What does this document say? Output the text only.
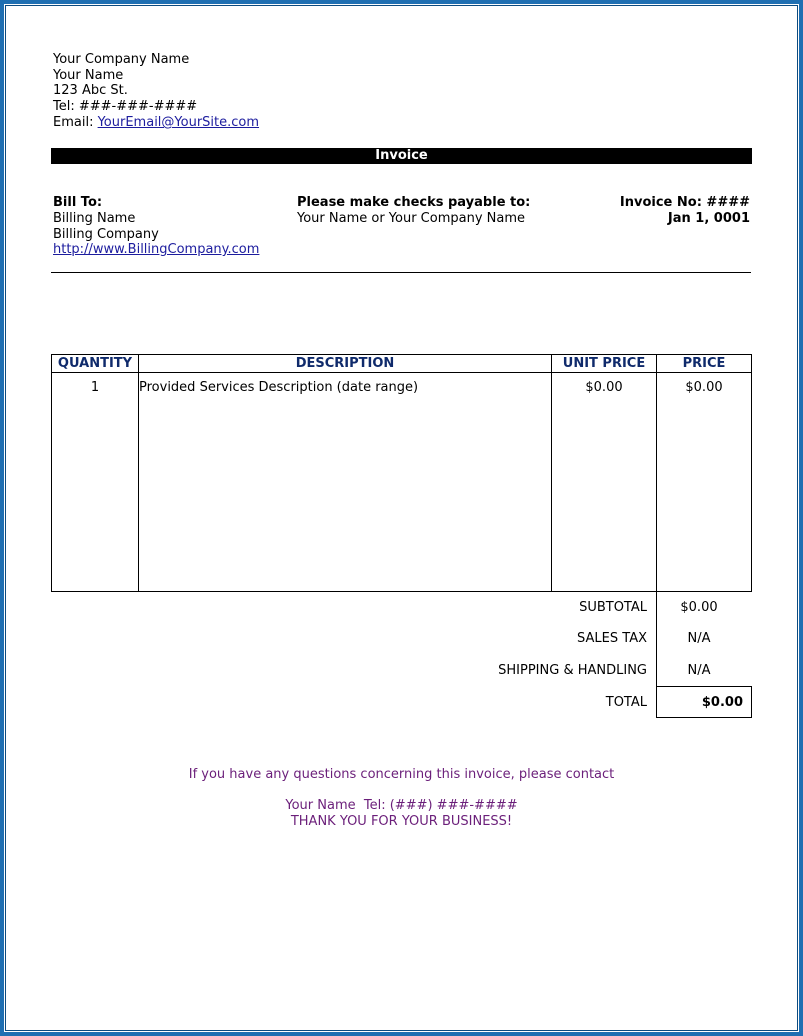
Your Company Name
Your Name
123 Abc St.
Tel: ###-###-####
Email: YourEmail@YourSite.com
Invoice
Bill To:
Billing Name
Billing Company
http://www.BillingCompany.com
Please make checks payable to:
Your Name or Your Company Name
Invoice No: ####
Jan 1, 0001
QUANTITY	DESCRIPTION	UNIT PRICE	PRICE
1	Provided Services Description (date range)	$0.00	$0.00
SUBTOTAL	$0.00
SALES TAX	N/A
SHIPPING & HANDLING	N/A
TOTAL	$0.00
If you have any questions concerning this invoice, please contact
Your Name  Tel: (###) ###-####
THANK YOU FOR YOUR BUSINESS!
